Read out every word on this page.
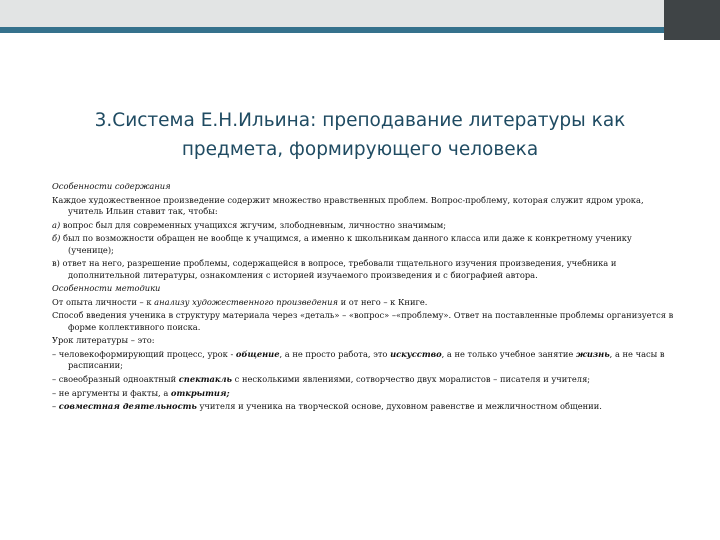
3.Система Е.Н.Ильина: преподавание литературы как
предмета, формирующего человека

Особенности содержания

Каждое художественное произведение содержит множество нравственных проблем. Вопрос-проблему, которая служит ядром урока, учитель Ильин ставит так, чтобы:

а) вопрос был для современных учащихся жгучим, злободневным, личностно значимым;

б) был по возможности обращен не вообще к учащимся, а именно к школьникам данного класса или даже к конкретному ученику (ученице);

в) ответ на него, разрешение проблемы, содержащейся в вопросе, требовали тщательного изучения произведения, учебника и дополнительной литературы, ознакомления с историей изучаемого произведения и с биографией автора.

Особенности методики

От опыта личности – к анализу художественного произведения и от него – к Книге.

Способ введения ученика в структуру материала через «деталь» – «вопрос» –«проблему». Ответ на поставленные проблемы организуется в форме коллективного поиска.

Урок литературы – это:

– человекоформирующий процесс, урок - общение, а не просто работа, это искусство, а не только учебное занятие жизнь, а не часы в расписании;

– своеобразный одноактный спектакль с несколькими явлениями, сотворчество двух моралистов – писателя и учителя;

– не аргументы и факты, а открытия;

– совместная деятельность учителя и ученика на творческой основе, духовном равенстве и межличностном общении.
